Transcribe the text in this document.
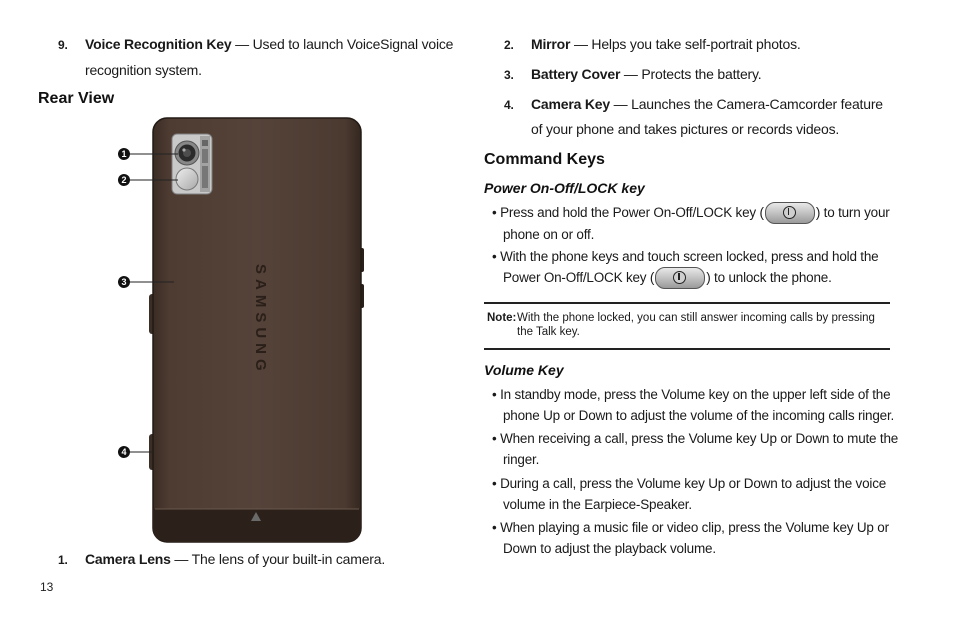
9. Voice Recognition Key — Used to launch VoiceSignal voice
recognition system.
Rear View
SAMSUNG
1
2
3
4
1. Camera Lens — The lens of your built-in camera.
13
2. Mirror — Helps you take self-portrait photos.
3. Battery Cover — Protects the battery.
4. Camera Key — Launches the Camera-Camcorder feature
of your phone and takes pictures or records videos.
Command Keys
Power On-Off/LOCK key
• Press and hold the Power On-Off/LOCK key (	) to turn your
phone on or off.
• With the phone keys and touch screen locked, press and hold the
Power On-Off/LOCK key (	) to unlock the phone.
Note:With the phone locked, you can still answer incoming calls by pressing
the Talk key.
Volume Key
• In standby mode, press the Volume key on the upper left side of the
phone Up or Down to adjust the volume of the incoming calls ringer.
• When receiving a call, press the Volume key Up or Down to mute the
ringer.
• During a call, press the Volume key Up or Down to adjust the voice
volume in the Earpiece-Speaker.
• When playing a music file or video clip, press the Volume key Up or
Down to adjust the playback volume.
